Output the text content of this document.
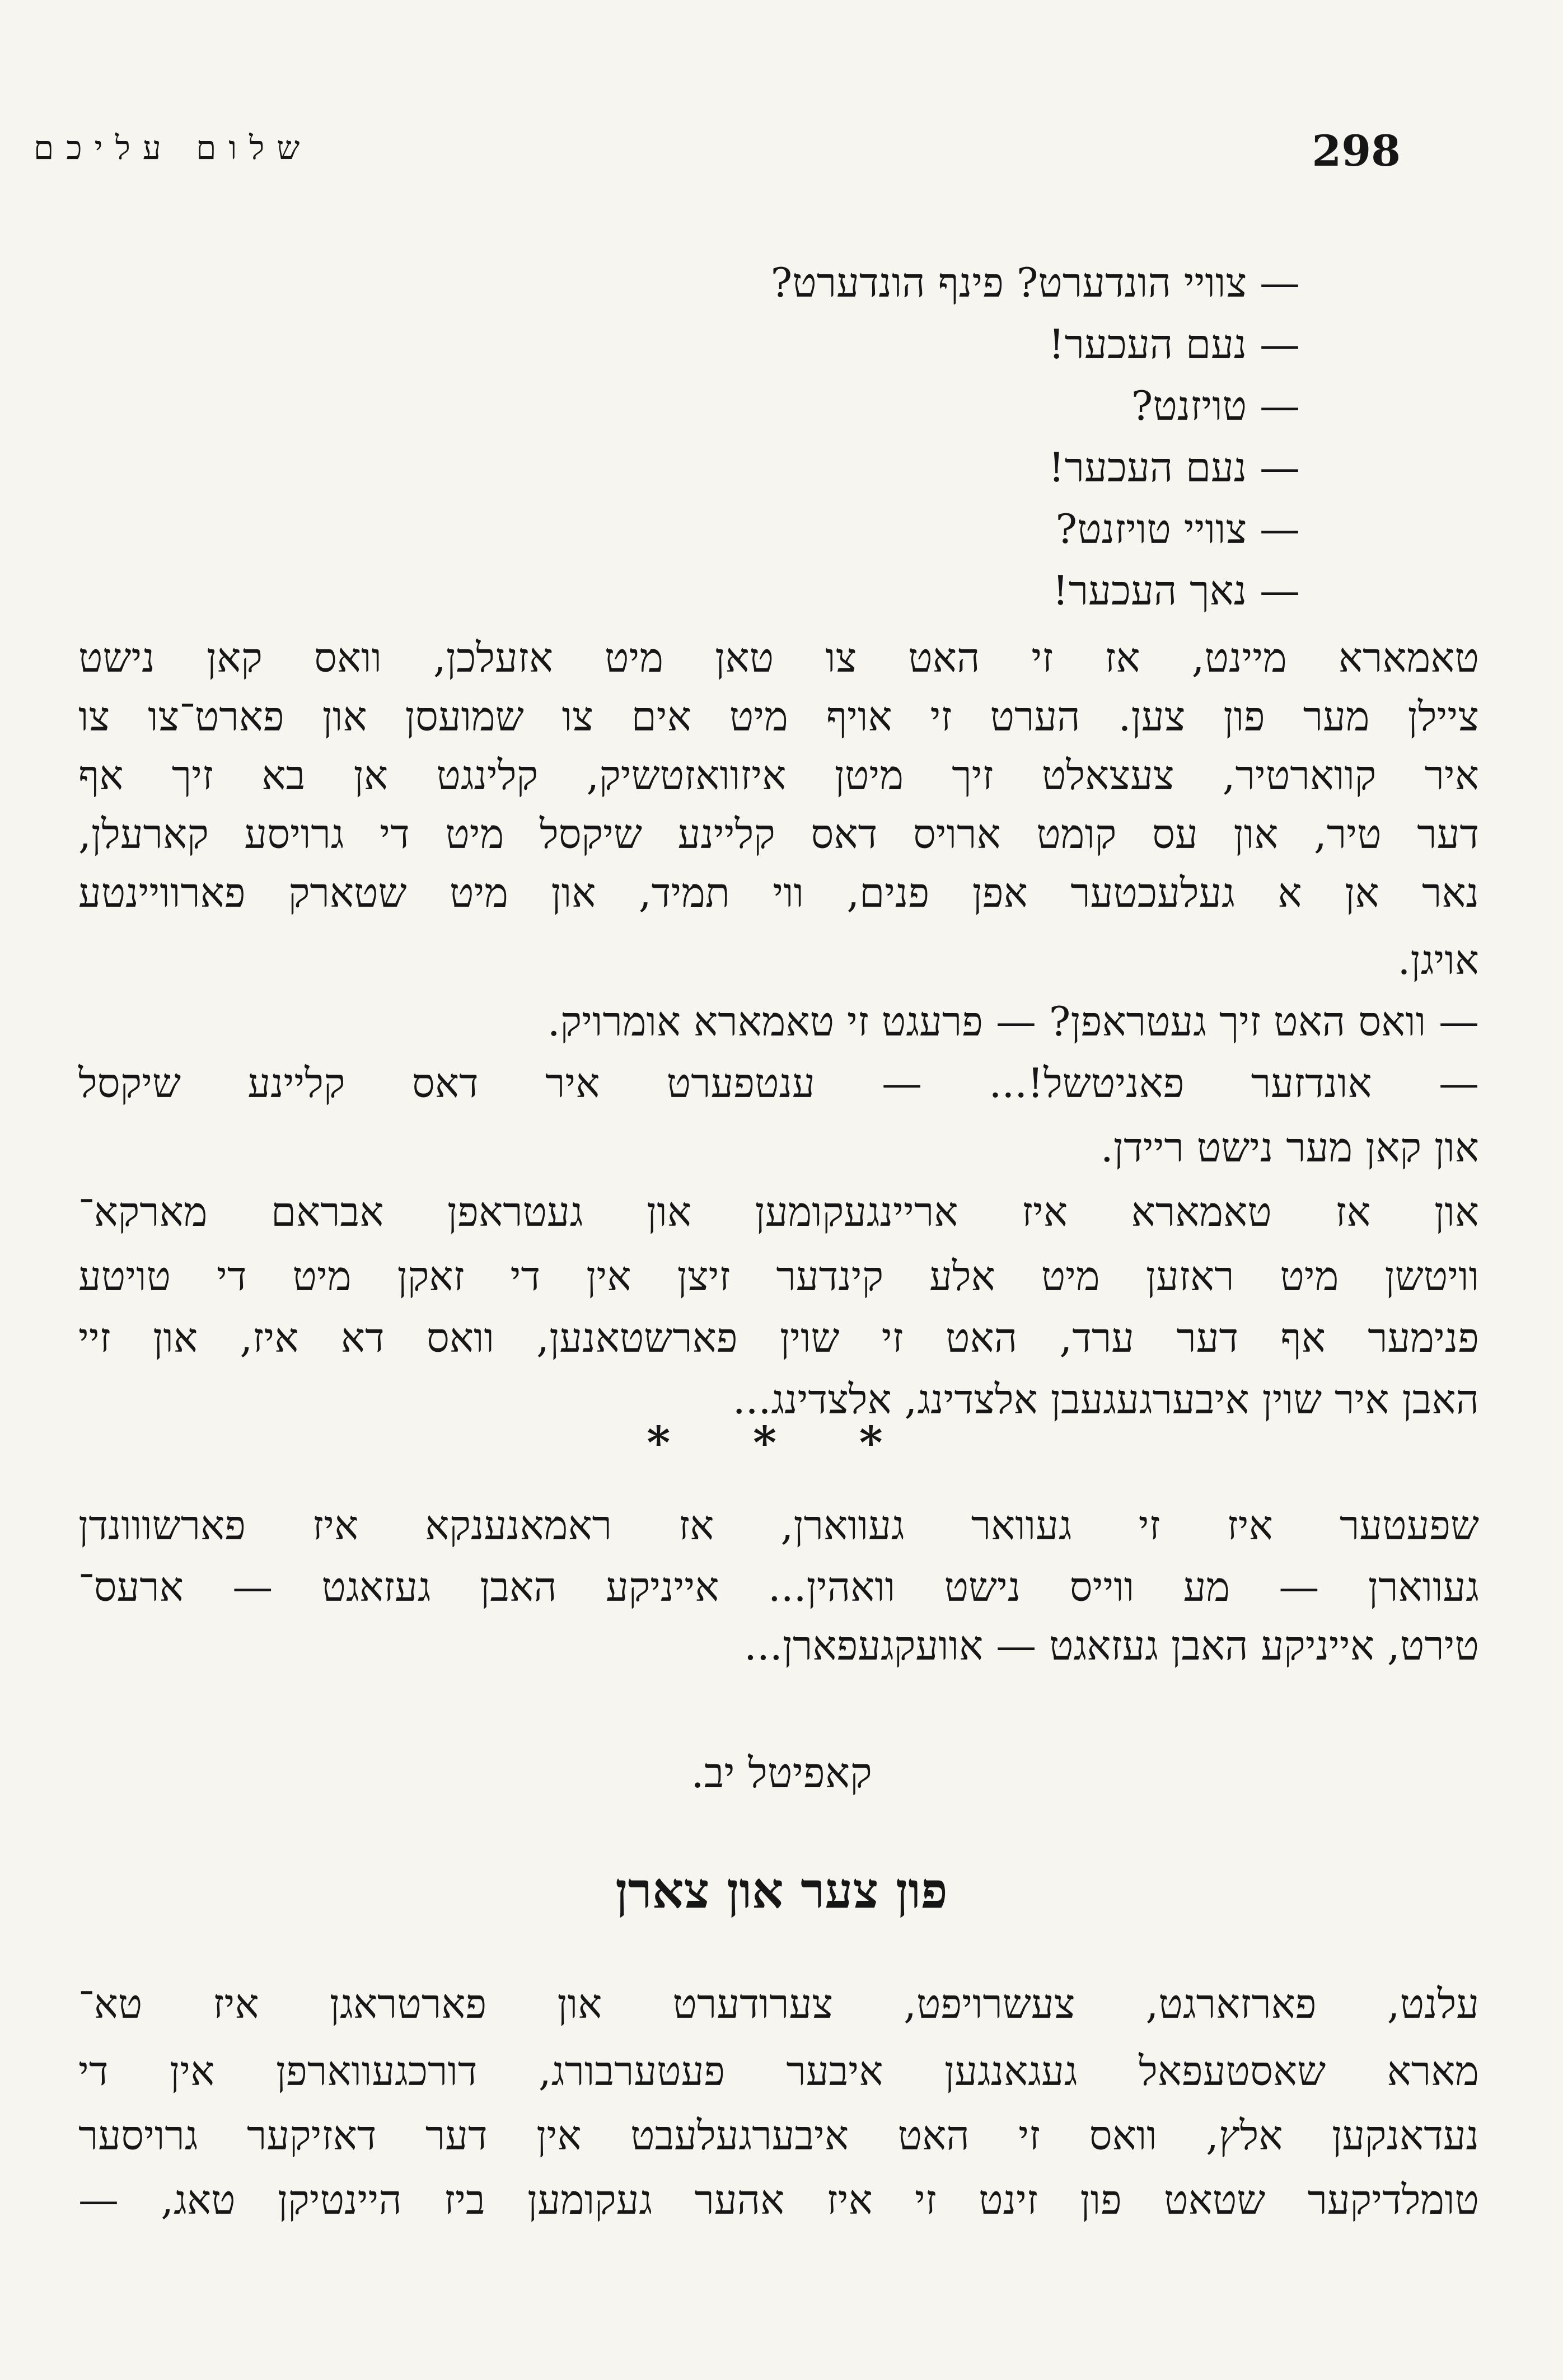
שלום עליכם	298
— צוויי הונדערט? פינף הונדערט?
— נעם העכער!
— טויזנט?
— נעם העכער!
— צוויי טויזנט?
— נאך העכער!
טאמארא מיינט, אז זי האט צו טאן מיט אזעלכן, וואס קאן נישט
ציילן מער פון צען. הערט זי אויף מיט אים צו שמועסן און פארט־צו צו
איר קווארטיר, צעצאלט זיך מיטן איזוואזטשיק, קלינגט אן בא זיך אף
דער טיר, און עס קומט ארויס דאס קליינע שיקסל מיט די גרויסע קארעלן,
נאר אן א געלעכטער אפן פנים, ווי תמיד, און מיט שטארק פארוויינטע
אויגן.
— וואס האט זיך געטראפן? — פרעגט זי טאמארא אומרויק.
— אונדזער פאניטשל!... — ענטפערט איר דאס קליינע שיקסל
און קאן מער נישט ריידן.
און אז טאמארא איז אריינגעקומען און געטראפן אבראם מארקא־
וויטשן מיט ראזען מיט אלע קינדער זיצן אין די זאקן מיט די טויטע
פנימער אף דער ערד, האט זי שוין פארשטאנען, וואס דא איז, און זיי
האבן איר שוין איבערגעגעבן אלצדינג, אלצדינג...
* * *
שפעטער איז זי געוואר געווארן, אז ראמאנענקא איז פארשווונדן
געווארן — מע ווייס נישט וואהין... אייניקע האבן געזאגט — ארעס־
טירט, אייניקע האבן געזאגט — אוועקגעפארן...
קאפיטל יב.
פון צער און צארן
עלנט, פארזארגט, צעשרויפט, צערודערט און פארטראגן איז טא־
מארא שאסטעפאל געגאנגען איבער פעטערבורג, דורכגעווארפן אין די
נעדאנקען אלץ, וואס זי האט איבערגעלעבט אין דער דאזיקער גרויסער
טומלדיקער שטאט פון זינט זי איז אהער געקומען ביז היינטיקן טאג, —
